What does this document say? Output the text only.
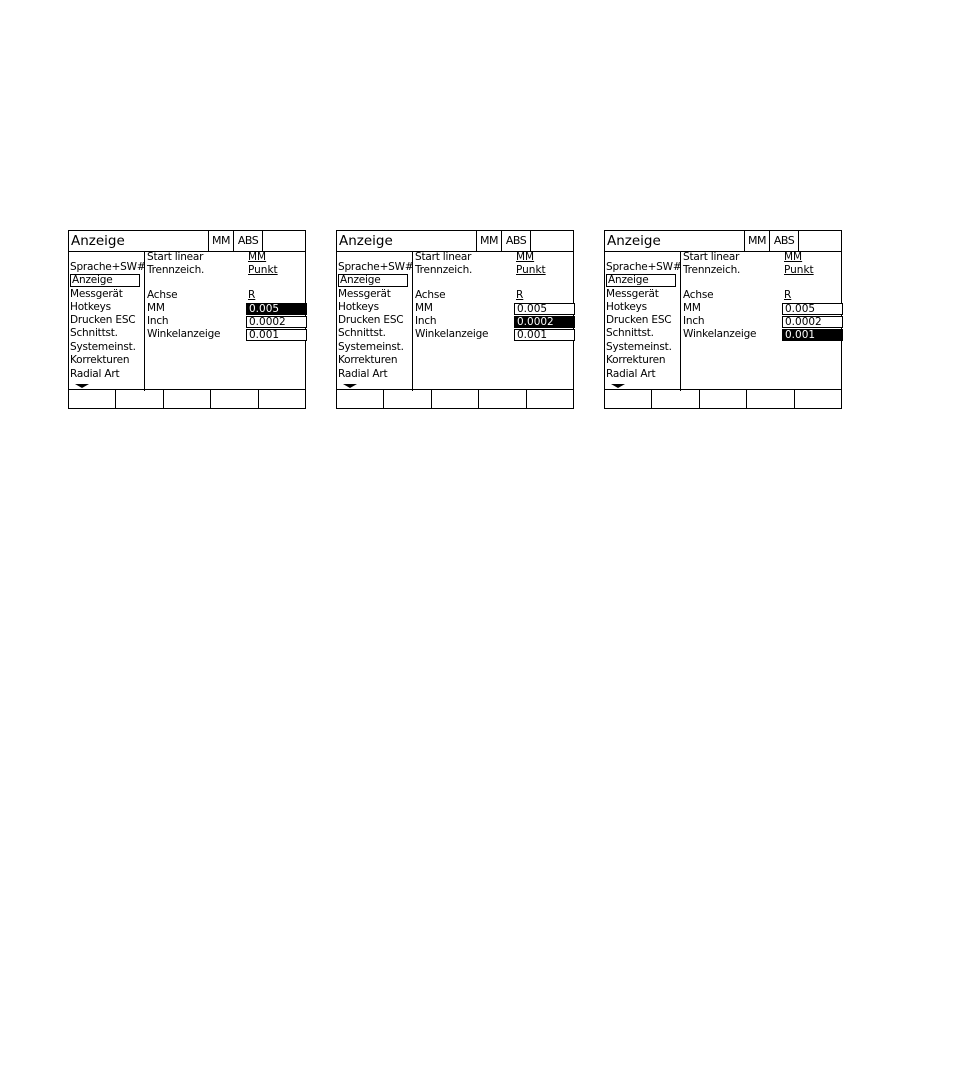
Anzeige	MM ABS
Sprache+SW#
Anzeige
Messgerät
Hotkeys
Drucken ESC
Schnittst.
Systemeinst.
Korrekturen
Radial Art
Start linear	MM
Trennzeich.	Punkt
Achse	R
MM	0.005
Inch	0.0002
Winkelanzeige	0.001
Anzeige	MM ABS
Sprache+SW#
Anzeige
Messgerät
Hotkeys
Drucken ESC
Schnittst.
Systemeinst.
Korrekturen
Radial Art
Start linear	MM
Trennzeich.	Punkt
Achse	R
MM	0.005
Inch	0.0002
Winkelanzeige	0.001
Anzeige	MM ABS
Sprache+SW#
Anzeige
Messgerät
Hotkeys
Drucken ESC
Schnittst.
Systemeinst.
Korrekturen
Radial Art
Start linear	MM
Trennzeich.	Punkt
Achse	R
MM	0.005
Inch	0.0002
Winkelanzeige	0.001
